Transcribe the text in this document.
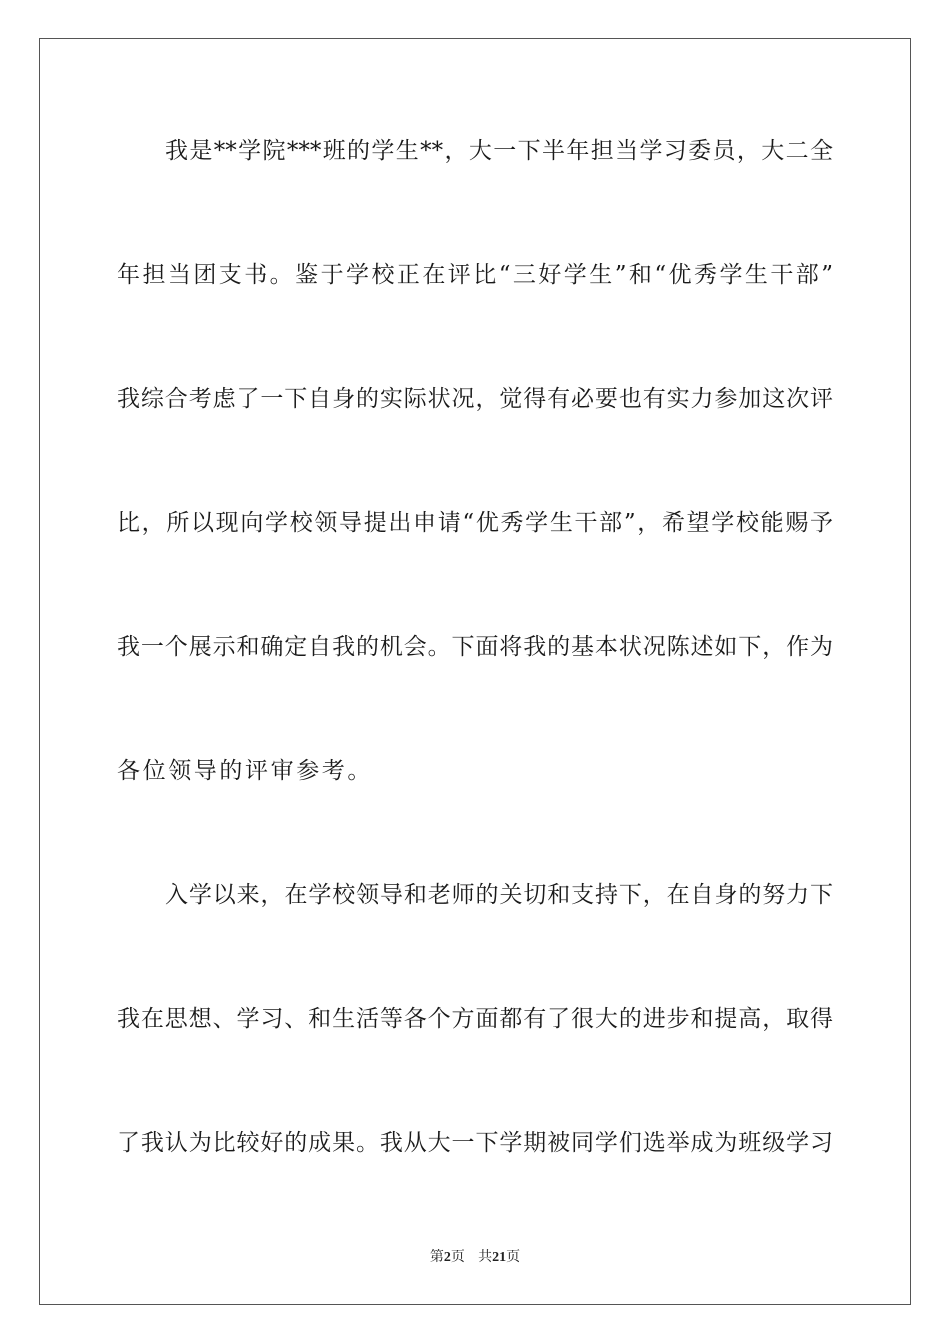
我是**学院***班的学生**，大一下半年担当学习委员，大二全
年担当团支书。鉴于学校正在评比“三好学生”和“优秀学生干部”
我综合考虑了一下自身的实际状况，觉得有必要也有实力参加这次评
比，所以现向学校领导提出申请“优秀学生干部”，希望学校能赐予
我一个展示和确定自我的机会。下面将我的基本状况陈述如下，作为
各位领导的评审参考。
入学以来，在学校领导和老师的关切和支持下，在自身的努力下
我在思想、学习、和生活等各个方面都有了很大的进步和提高，取得
了我认为比较好的成果。我从大一下学期被同学们选举成为班级学习
第2页 共21页
